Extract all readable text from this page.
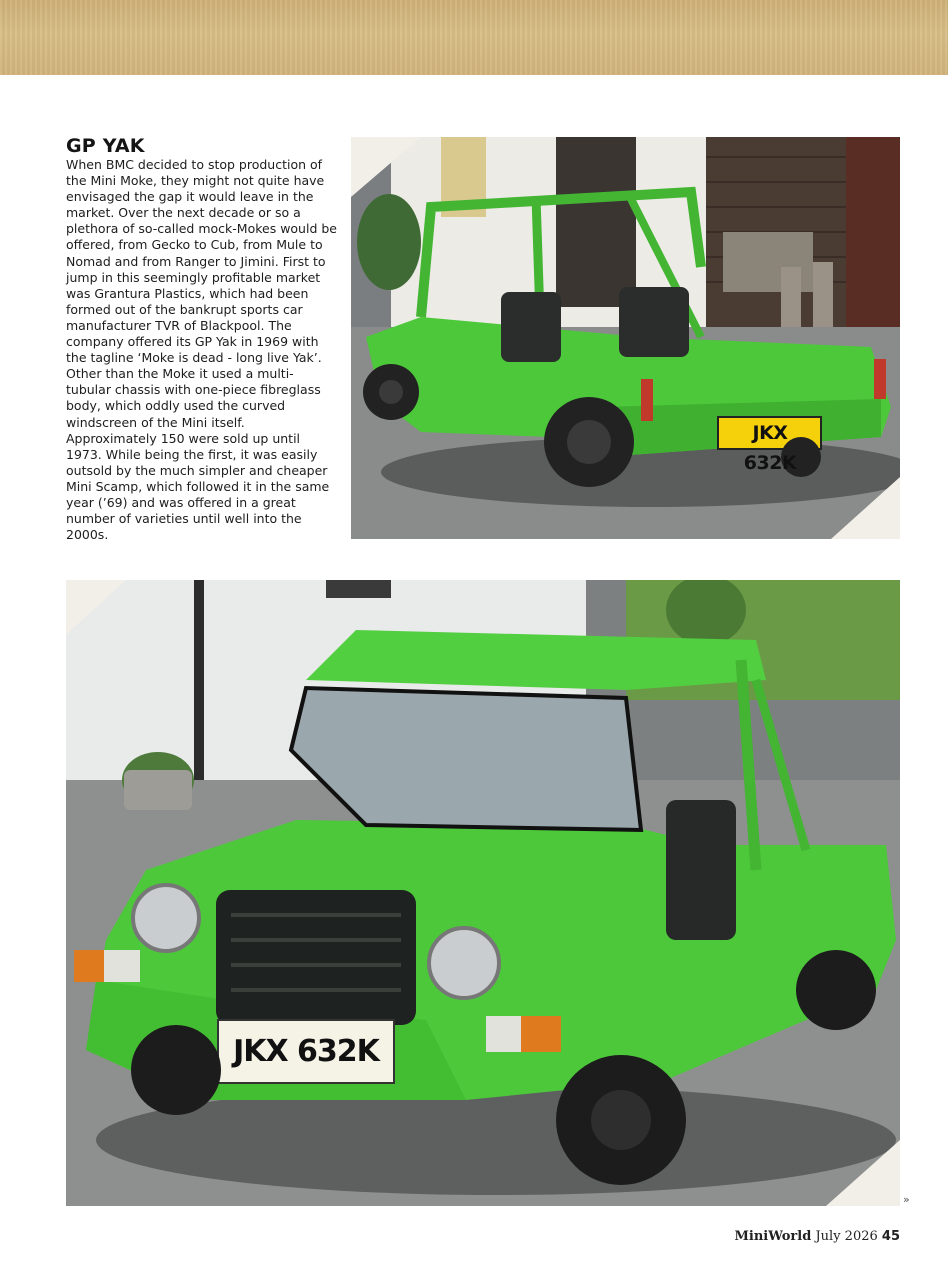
GP YAK

When BMC decided to stop production of the Mini Moke, they might not quite have envisaged the gap it would leave in the market. Over the next decade or so a plethora of so-called mock-Mokes would be offered, from Gecko to Cub, from Mule to Nomad and from Ranger to Jimini. First to jump in this seemingly profitable market was Grantura Plastics, which had been formed out of the bankrupt sports car manufacturer TVR of Blackpool. The company offered its GP Yak in 1969 with the tagline ‘Moke is dead - long live Yak’. Other than the Moke it used a multi-tubular chassis with one-piece fibreglass body, which oddly used the curved windscreen of the Mini itself. Approximately 150 were sold up until 1973. While being the first, it was easily outsold by the much simpler and cheaper Mini Scamp, which followed it in the same year (’69) and was offered in a great number of varieties until well into the 2000s.

JKX 632K
JKX 632K
»
MiniWorld July 2026 45
